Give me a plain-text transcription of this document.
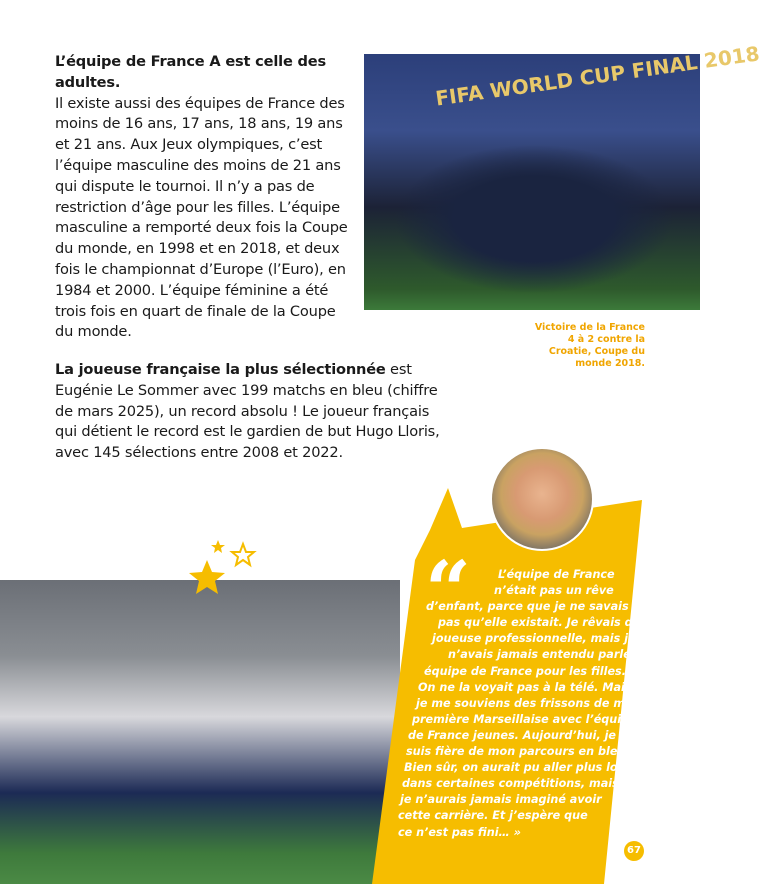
L’équipe de France A est celle des adultes.
Il existe aussi des équipes de France des moins de 16 ans, 17 ans, 18 ans, 19 ans et 21 ans. Aux Jeux olympiques, c’est l’équipe masculine des moins de 21 ans qui dispute le tournoi. Il n’y a pas de restriction d’âge pour les filles. L’équipe masculine a remporté deux fois la Coupe du monde, en 1998 et en 2018, et deux fois le championnat d’Europe (l’Euro), en 1984 et 2000. L’équipe féminine a été trois fois en quart de finale de la Coupe du monde.
FIFA WORLD CUP FINAL 2018
Victoire de la France 4 à 2 contre la Croatie, Coupe du monde 2018.
La joueuse française la plus sélectionnée est Eugénie Le Sommer avec 199 matchs en bleu (chiffre de mars 2025), un record absolu ! Le joueur français qui détient le record est le gardien de but Hugo Lloris, avec 145 sélections entre 2008 et 2022.
“	L’équipe de France
n’était pas un rêve
d’enfant, parce que je ne savais
pas qu’elle existait. Je rêvais d’être
joueuse professionnelle, mais je
n’avais jamais entendu parler d’une
équipe de France pour les filles.
On ne la voyait pas à la télé. Mais
je me souviens des frissons de ma
première Marseillaise avec l’équipe
de France jeunes. Aujourd’hui, je
suis fière de mon parcours en bleu.
Bien sûr, on aurait pu aller plus loin
dans certaines compétitions, mais
je n’aurais jamais imaginé avoir
cette carrière. Et j’espère que
ce n’est pas fini… »
67
